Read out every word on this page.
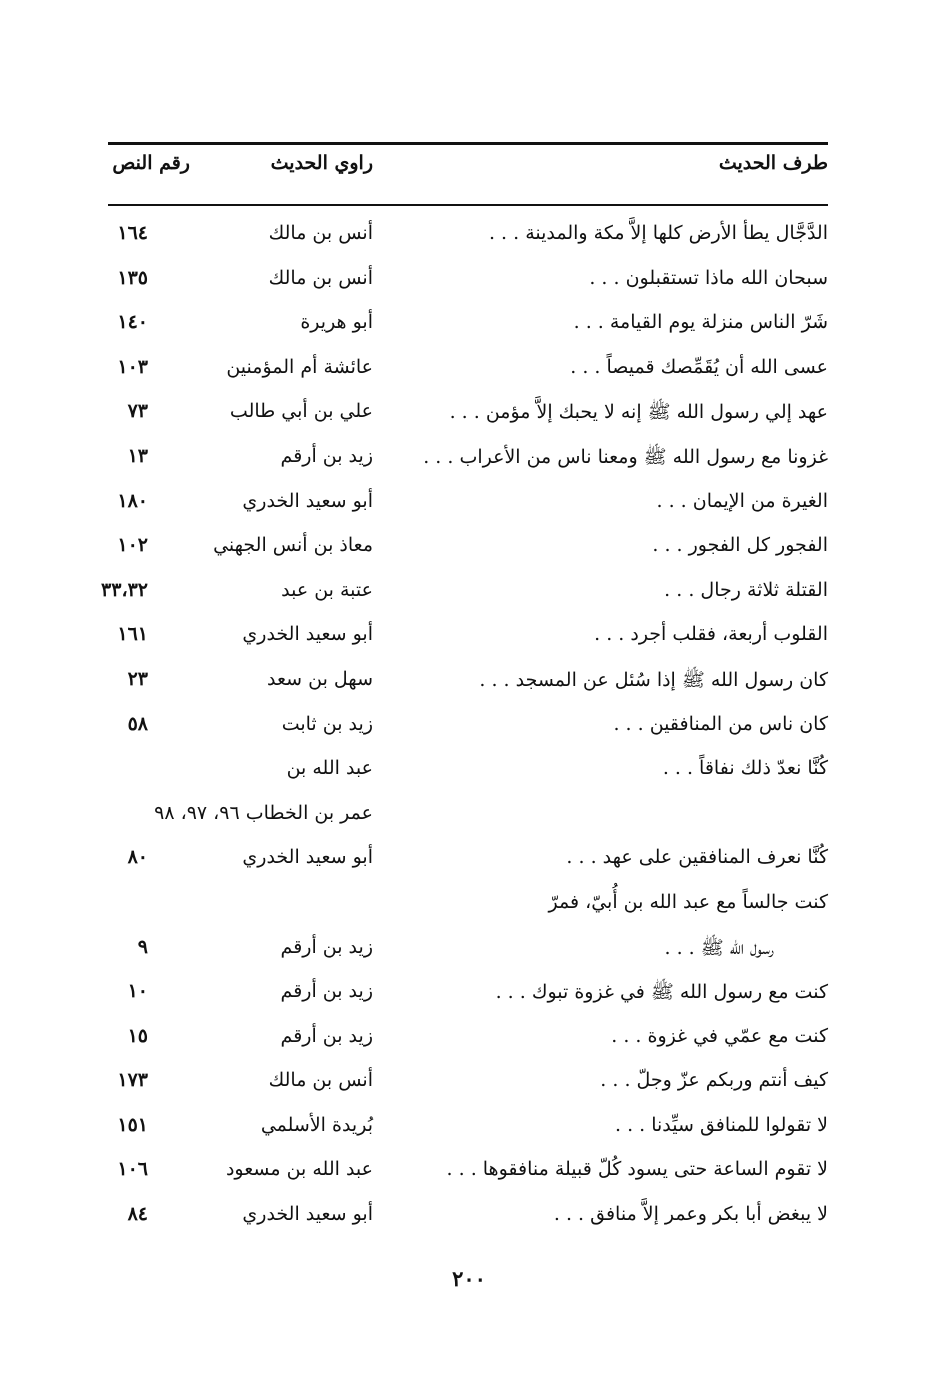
طرف الحديث
راوي الحديث
رقم النص
الدَّجَّال يطأ الأرض كلها إلاَّ مكة والمدينة . . .
أنس بن مالك
١٦٤
سبحان الله ماذا تستقبلون . . .
أنس بن مالك
١٣٥
شَرّ الناس منزلة يوم القيامة . . .
أبو هريرة
١٤٠
عسى الله أن يُقَمِّصك قميصاً . . .
عائشة أم المؤمنين
١٠٣
عهد إلي رسول الله ﷺ إنه لا يحبك إلاَّ مؤمن . . .
علي بن أبي طالب
٧٣
غزونا مع رسول الله ﷺ ومعنا ناس من الأعراب . . .
زيد بن أرقم
١٣
الغيرة من الإيمان . . .
أبو سعيد الخدري
١٨٠
الفجور كل الفجور . . .
معاذ بن أنس الجهني
١٠٢
القتلة ثلاثة رجال . . .
عتبة بن عبد
٣٣،٣٢
القلوب أربعة، فقلب أجرد . . .
أبو سعيد الخدري
١٦١
كان رسول الله ﷺ إذا سُئل عن المسجد . . .
سهل بن سعد
٢٣
كان ناس من المنافقين . . .
زيد بن ثابت
٥٨
كُنَّا نعدّ ذلك نفاقاً . . .
عبد الله بن
عمر بن الخطاب ٩٦، ٩٧، ٩٨
كُنَّا نعرف المنافقين على عهد . . .
أبو سعيد الخدري
٨٠
كنت جالساً مع عبد الله بن أُبيّ، فمرّ
رسول الله ﷺ . . .
زيد بن أرقم
٩
كنت مع رسول الله ﷺ في غزوة تبوك . . .
زيد بن أرقم
١٠
كنت مع عمّي في غزوة . . .
زيد بن أرقم
١٥
كيف أنتم وربكم عزّ وجلّ . . .
أنس بن مالك
١٧٣
لا تقولوا للمنافق سيِّدنا . . .
بُريدة الأسلمي
١٥١
لا تقوم الساعة حتى يسود كُلّ قبيلة منافقوها . . .
عبد الله بن مسعود
١٠٦
لا يبغض أبا بكر وعمر إلاَّ منافق . . .
أبو سعيد الخدري
٨٤
٢٠٠
